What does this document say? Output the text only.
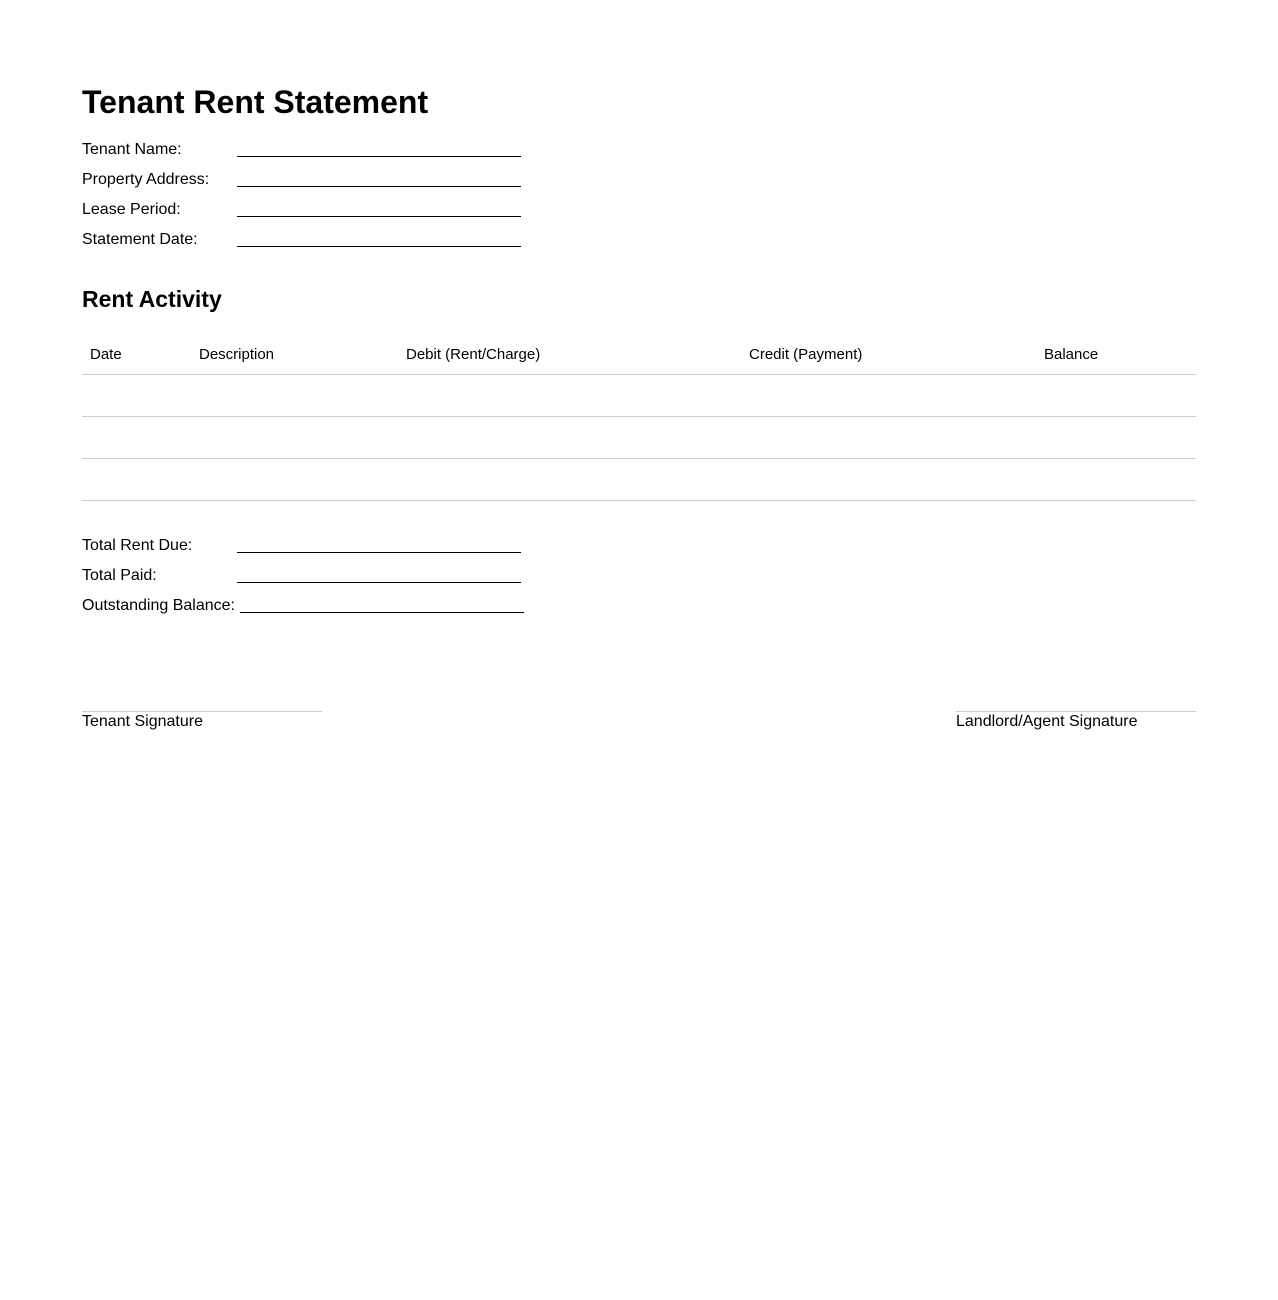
Tenant Rent Statement
Tenant Name:
Property Address:
Lease Period:
Statement Date:
Rent Activity
Date	Description	Debit (Rent/Charge)	Credit (Payment)	Balance

Total Rent Due:
Total Paid:
Outstanding Balance:
Tenant Signature	Landlord/Agent Signature
